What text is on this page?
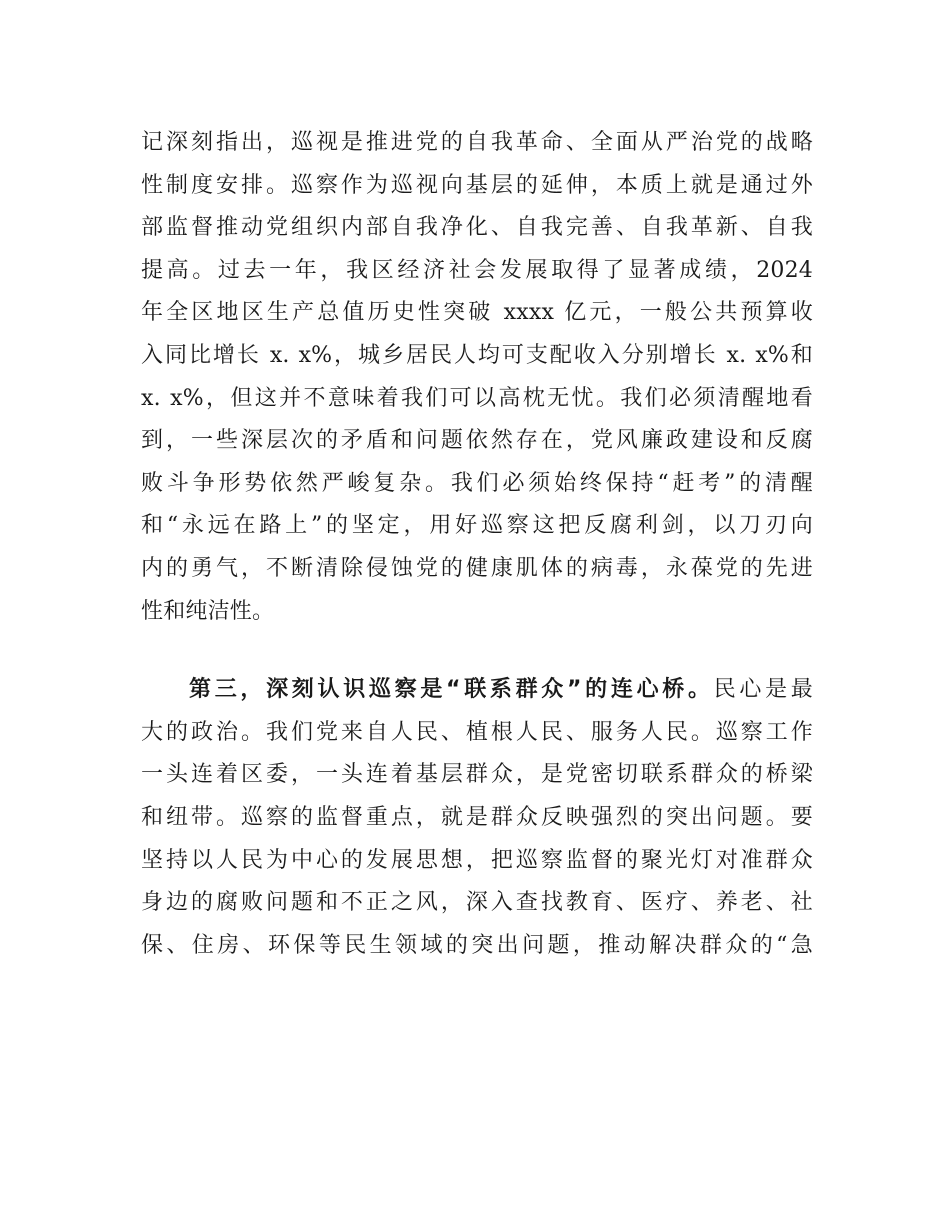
记深刻指出，巡视是推进党的自我革命、全面从严治党的战略
性制度安排。巡察作为巡视向基层的延伸，本质上就是通过外
部监督推动党组织内部自我净化、自我完善、自我革新、自我
提高。过去一年，我区经济社会发展取得了显著成绩，2024
年全区地区生产总值历史性突破 xxxx 亿元，一般公共预算收
入同比增长 x. x%，城乡居民人均可支配收入分别增长 x. x%和
x. x%，但这并不意味着我们可以高枕无忧。我们必须清醒地看
到，一些深层次的矛盾和问题依然存在，党风廉政建设和反腐
败斗争形势依然严峻复杂。我们必须始终保持“赶考”的清醒
和“永远在路上”的坚定，用好巡察这把反腐利剑，以刀刃向
内的勇气，不断清除侵蚀党的健康肌体的病毒，永葆党的先进
性和纯洁性。
第三，深刻认识巡察是“联系群众”的连心桥。民心是最
大的政治。我们党来自人民、植根人民、服务人民。巡察工作
一头连着区委，一头连着基层群众，是党密切联系群众的桥梁
和纽带。巡察的监督重点，就是群众反映强烈的突出问题。要
坚持以人民为中心的发展思想，把巡察监督的聚光灯对准群众
身边的腐败问题和不正之风，深入查找教育、医疗、养老、社
保、住房、环保等民生领域的突出问题，推动解决群众的“急
